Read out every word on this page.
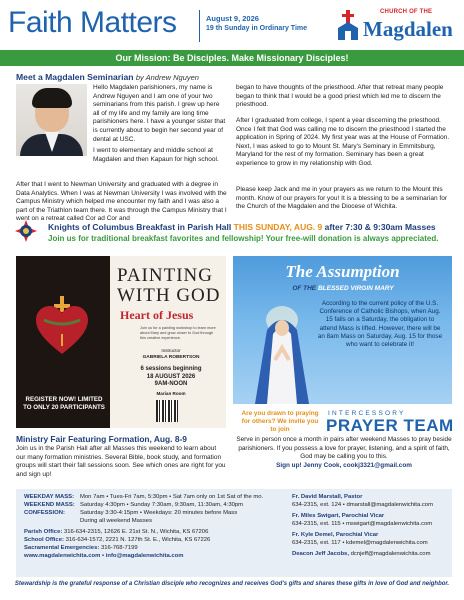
Faith Matters	August 9, 2026
19 th Sunday in Ordinary Time
CHURCH OF THE
Magdalen
Our Mission: Be Disciples. Make Missionary Disciples!
Meet a Magdalen Seminarian by Andrew Nguyen
Hello Magdalen parishioners, my name is Andrew Nguyen and I am one of your two seminarians from this parish. I grew up here all of my life and my family are long time parishioners here. I have a younger sister that is currently about to begin her second year of dental at USC.
I went to elementary and middle school at Magdalen and then Kapaun for high school.
After that I went to Newman University and graduated with a degree in Data Analytics. When I was at Newman University I was involved with the Campus Ministry which helped me encounter my faith and I was also a part of the Triathlon team there. It was through the Campus Ministry that I went on a retreat called Cor ad Cor and
began to have thoughts of the priesthood. After that retreat many people began to think that I would be a good priest which led me to discern the priesthood.
After I graduated from college, I spent a year discerning the priesthood. Once I felt that God was calling me to discern the priesthood I started the application in Spring of 2024. My first year was at the House of Formation. Next, I was asked to go to Mount St. Mary's Seminary in Emmitsburg, Maryland for the rest of my formation. Seminary has been a great experience to grow in my relationship with God.
Please keep Jack and me in your prayers as we return to the Mount this month. Know of our prayers for you! It is a blessing to be a seminarian for the Church of the Magdalen and the Diocese of Wichita.
Knights of Columbus Breakfast in Parish Hall THIS SUNDAY, AUG. 9 after 7:30 & 9:30am Masses
Join us for traditional breakfast favorites and fellowship! Your free-will donation is always appreciated.
REGISTER NOW! LIMITED TO ONLY 20 PARTICIPANTS
PAINTING
WITH GOD
Heart of Jesus
Join us for a painting workshop to learn more about Mary and grow closer to God through this creative experience.
Instructor
GABRIELA ROBERTSON
6 sessions beginning
18 AUGUST 2026
9AM-NOON
Marian Room
The Assumption
OF THE BLESSED VIRGIN MARY
According to the current policy of the U.S. Conference of Catholic Bishops, when Aug. 15 falls on a Saturday, the obligation to attend Mass is lifted. However, there will be an 8am Mass on Saturday, Aug. 15 for those who want to celebrate it!
Ministry Fair Featuring Formation, Aug. 8-9
Join us in the Parish Hall after all Masses this weekend to learn about our many formation ministries. Several Bible, book study, and formation groups will start their fall sessions soon. See which ones are right for you and sign up!
Are you drawn to praying for others? We invite you to join
INTERCESSORY
PRAYER TEAM
Serve in person once a month in pairs after weekend Masses to pray beside parishioners. If you possess a love for prayer, listening, and a spirit of faith, God may be calling you to this.
Sign up! Jenny Cook, cookj3321@gmail.com
WEEKDAY MASS: Mon 7am • Tues-Fri 7am, 5:30pm • Sat 7am only on 1st Sat of the mo.
WEEKEND MASS: Saturday 4:30pm • Sunday 7:30am, 9:30am, 11:30am, 4:30pm
CONFESSION:	Saturday 3:30-4:15pm • Weekdays: 20 minutes before Mass
During all weekend Masses
Parish Office: 316-634-2315, 12626 E. 21st St. N., Wichita, KS 67206
School Office: 316-634-1572, 2221 N. 127th St. E., Wichita, KS 67226
Sacramental Emergencies: 316-768-7199
www.magdalenwichita.com • info@magdalenwichita.com
Fr. David Marstall, Pastor
634-2315, ext. 124 • dmarstall@magdalenwichita.com
Fr. Miles Swigart, Parochial Vicar
634-2315, ext. 115 • mswigart@magdalenwichita.com
Fr. Kyle Demel, Parochial Vicar
634-2315, ext. 117 • kdemel@magdalenwichita.com
Deacon Jeff Jacobs, dcnjeff@magdalenwichita.com
Stewardship is the grateful response of a Christian disciple who recognizes and receives God's gifts and shares these gifts in love of God and neighbor.
